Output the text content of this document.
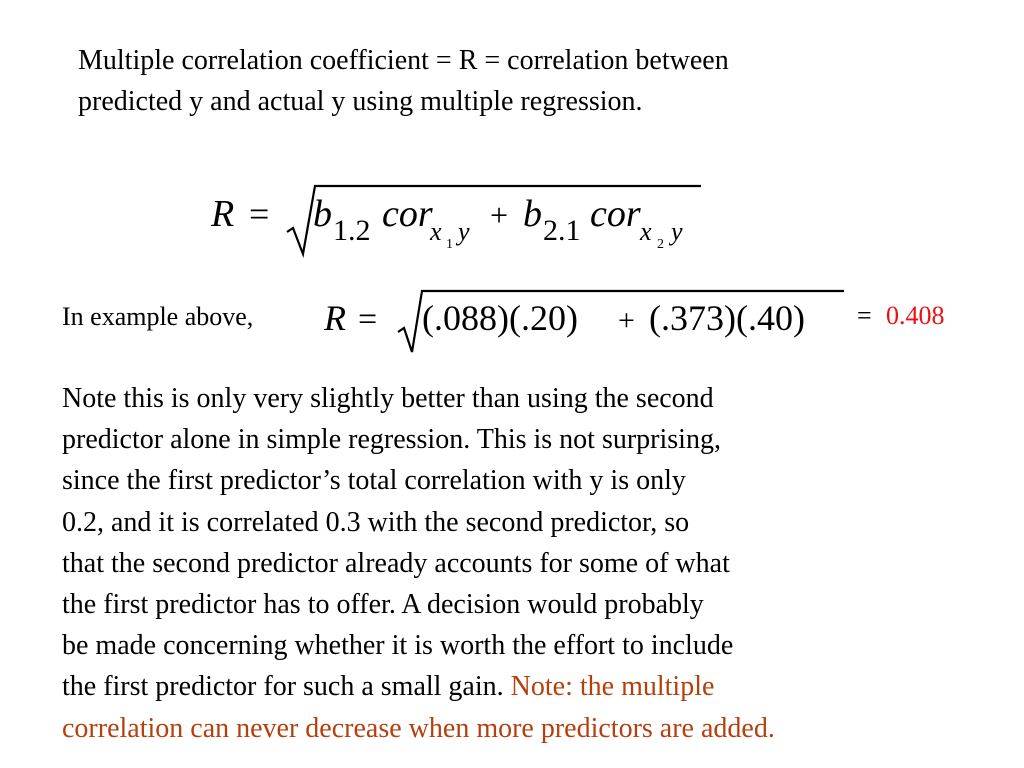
Multiple correlation coefficient = R = correlation between
predicted y and actual y using multiple regression.

R = b 1.2 cor
x 1 y + b 2.1 cor x 2 y
In example above, R = (.088)(.20) + (.373)(.40) = 0.408

Note this is only very slightly better than using the second
predictor alone in simple regression. This is not surprising,
since the first predictor’s total correlation with y is only
0.2, and it is correlated 0.3 with the second predictor, so
that the second predictor already accounts for some of what
the first predictor has to offer. A decision would probably
be made concerning whether it is worth the effort to include
the first predictor for such a small gain. Note: the multiple
correlation can never decrease when more predictors are added.
